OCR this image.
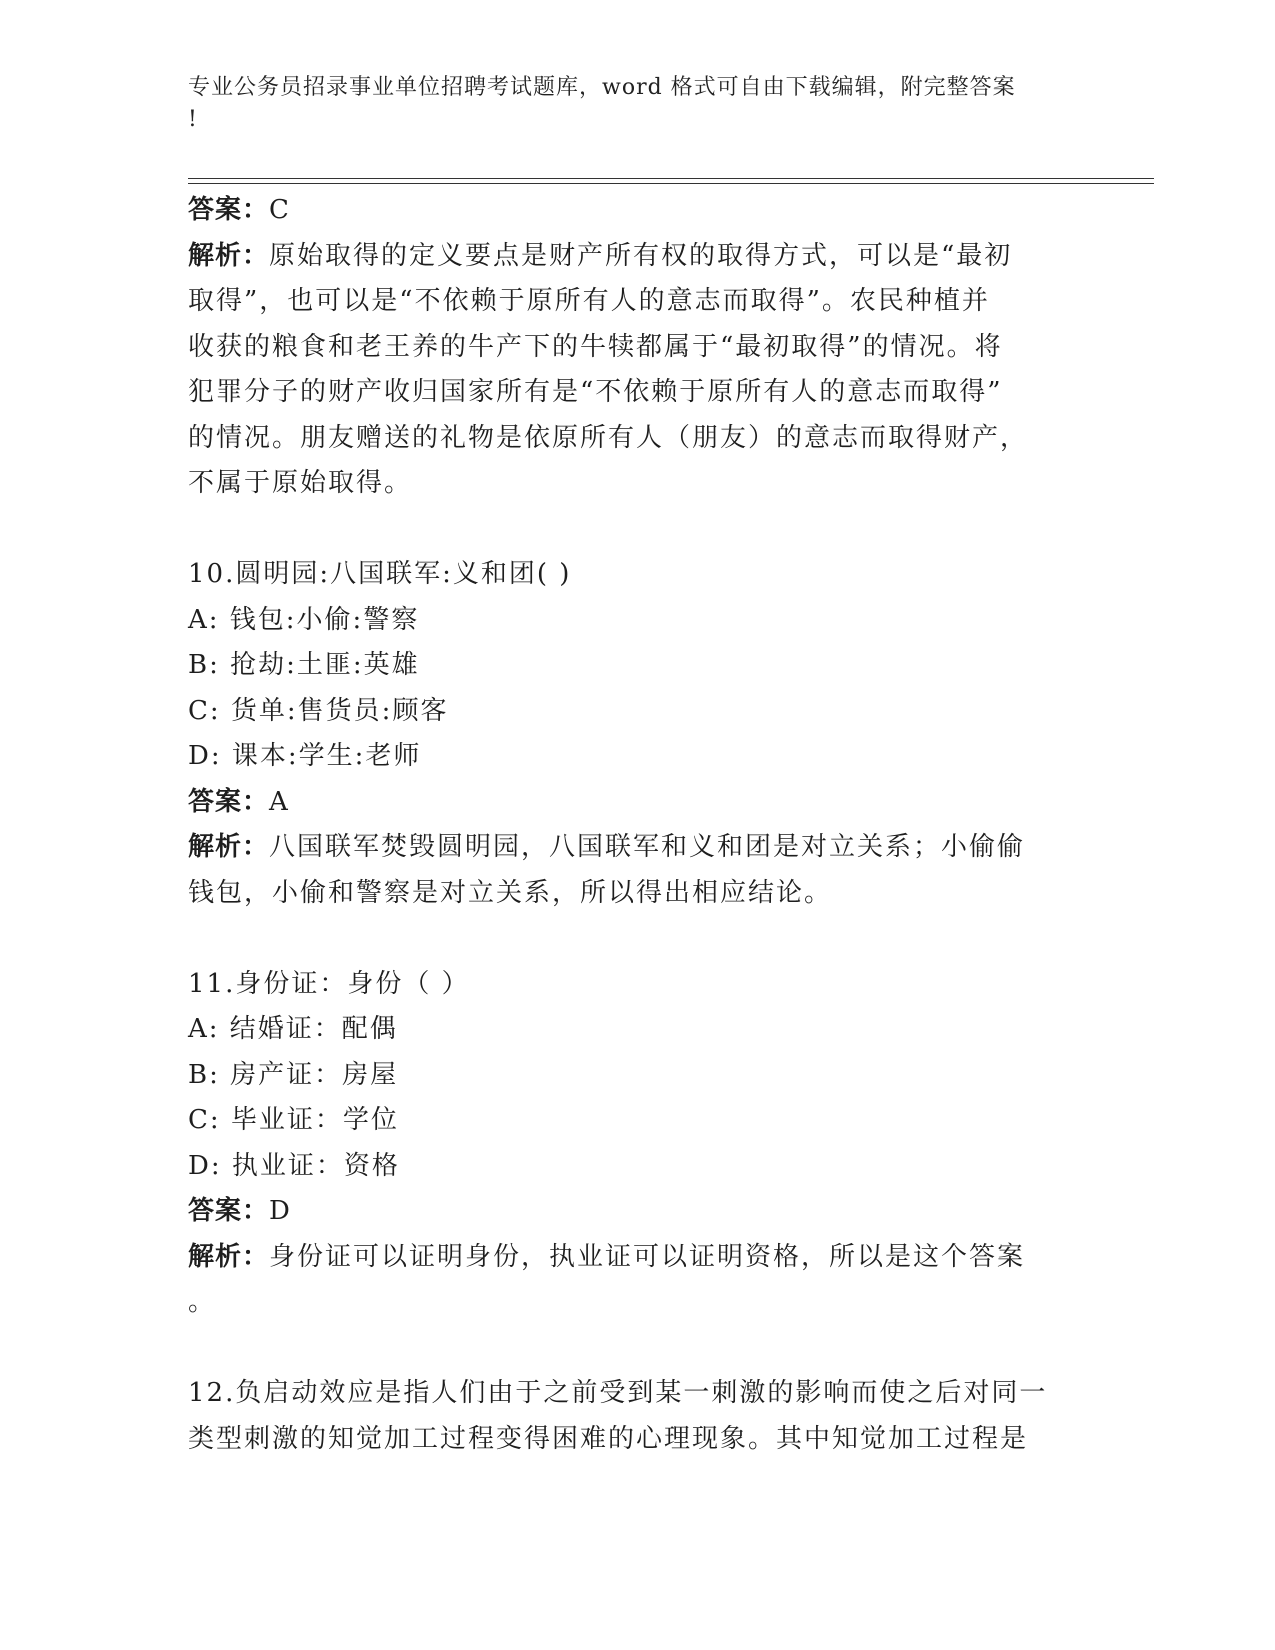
专业公务员招录事业单位招聘考试题库，word 格式可自由下载编辑，附完整答案
!
答案：C
解析：原始取得的定义要点是财产所有权的取得方式，可以是“最初
取得”，也可以是“不依赖于原所有人的意志而取得”。农民种植并
收获的粮食和老王养的牛产下的牛犊都属于“最初取得”的情况。将
犯罪分子的财产收归国家所有是“不依赖于原所有人的意志而取得”
的情况。朋友赠送的礼物是依原所有人（朋友）的意志而取得财产，
不属于原始取得。
10.圆明园:八国联军:义和团( )
A: 钱包:小偷:警察
B: 抢劫:土匪:英雄
C: 货单:售货员:顾客
D: 课本:学生:老师
答案：A
解析：八国联军焚毁圆明园，八国联军和义和团是对立关系；小偷偷
钱包，小偷和警察是对立关系，所以得出相应结论。
11.身份证：身份（ ）
A: 结婚证：配偶
B: 房产证：房屋
C: 毕业证：学位
D: 执业证：资格
答案：D
解析：身份证可以证明身份，执业证可以证明资格，所以是这个答案
。
12.负启动效应是指人们由于之前受到某一刺激的影响而使之后对同一
类型刺激的知觉加工过程变得困难的心理现象。其中知觉加工过程是
